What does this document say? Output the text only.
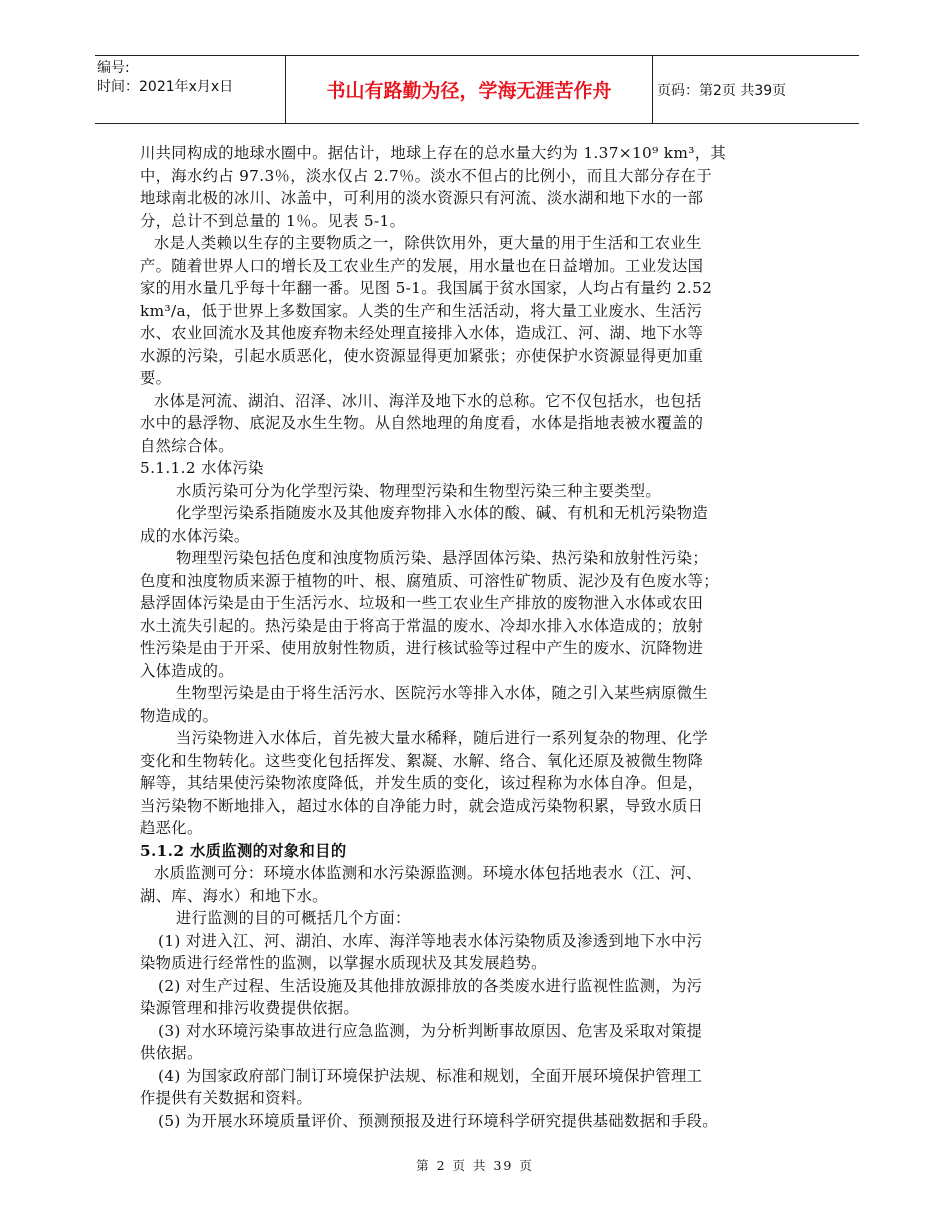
编号:
时间：2021年x月x日	书山有路勤为径，学海无涯苦作舟	页码：第2页 共39页
川共同构成的地球水圈中。据估计，地球上存在的总水量大约为 1.37×10⁹ km³，其
中，海水约占 97.3％，淡水仅占 2.7％。淡水不但占的比例小，而且大部分存在于
地球南北极的冰川、冰盖中，可利用的淡水资源只有河流、淡水湖和地下水的一部
分，总计不到总量的 1％。见表 5-1。
水是人类赖以生存的主要物质之一，除供饮用外，更大量的用于生活和工农业生
产。随着世界人口的增长及工农业生产的发展，用水量也在日益增加。工业发达国
家的用水量几乎每十年翻一番。见图 5-1。我国属于贫水国家，人均占有量约 2.52
km³/a，低于世界上多数国家。人类的生产和生活活动，将大量工业废水、生活污
水、农业回流水及其他废弃物未经处理直接排入水体，造成江、河、湖、地下水等
水源的污染，引起水质恶化，使水资源显得更加紧张；亦使保护水资源显得更加重
要。
水体是河流、湖泊、沼泽、冰川、海洋及地下水的总称。它不仅包括水，也包括
水中的悬浮物、底泥及水生生物。从自然地理的角度看，水体是指地表被水覆盖的
自然综合体。
5.1.1.2 水体污染
水质污染可分为化学型污染、物理型污染和生物型污染三种主要类型。
化学型污染系指随废水及其他废弃物排入水体的酸、碱、有机和无机污染物造
成的水体污染。
物理型污染包括色度和浊度物质污染、悬浮固体污染、热污染和放射性污染；
色度和浊度物质来源于植物的叶、根、腐殖质、可溶性矿物质、泥沙及有色废水等；
悬浮固体污染是由于生活污水、垃圾和一些工农业生产排放的废物泄入水体或农田
水土流失引起的。热污染是由于将高于常温的废水、冷却水排入水体造成的；放射
性污染是由于开采、使用放射性物质，进行核试验等过程中产生的废水、沉降物进
入体造成的。
生物型污染是由于将生活污水、医院污水等排入水体，随之引入某些病原微生
物造成的。
当污染物进入水体后，首先被大量水稀释，随后进行一系列复杂的物理、化学
变化和生物转化。这些变化包括挥发、絮凝、水解、络合、氧化还原及被微生物降
解等，其结果使污染物浓度降低，并发生质的变化，该过程称为水体自净。但是，
当污染物不断地排入，超过水体的自净能力时，就会造成污染物积累，导致水质日
趋恶化。
5.1.2 水质监测的对象和目的
水质监测可分：环境水体监测和水污染源监测。环境水体包括地表水（江、河、
湖、库、海水）和地下水。
进行监测的目的可概括几个方面：
(1) 对进入江、河、湖泊、水库、海洋等地表水体污染物质及渗透到地下水中污
染物质进行经常性的监测，以掌握水质现状及其发展趋势。
(2) 对生产过程、生活设施及其他排放源排放的各类废水进行监视性监测，为污
染源管理和排污收费提供依据。
(3) 对水环境污染事故进行应急监测，为分析判断事故原因、危害及采取对策提
供依据。
(4) 为国家政府部门制订环境保护法规、标准和规划，全面开展环境保护管理工
作提供有关数据和资料。
(5) 为开展水环境质量评价、预测预报及进行环境科学研究提供基础数据和手段。
第 2 页 共 39 页
